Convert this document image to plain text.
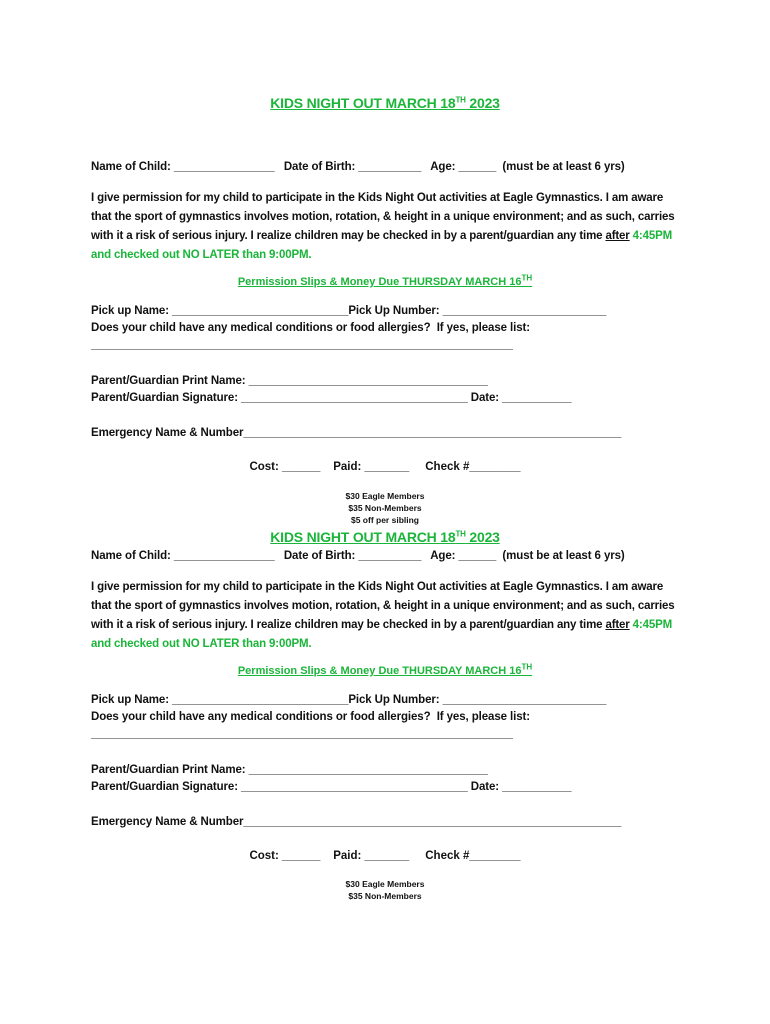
KIDS NIGHT OUT MARCH 18TH 2023
Name of Child: ________________   Date of Birth: __________   Age: ______  (must be at least 6 yrs)
I give permission for my child to participate in the Kids Night Out activities at Eagle Gymnastics. I am aware that the sport of gymnastics involves motion, rotation, & height in a unique environment; and as such, carries with it a risk of serious injury. I realize children may be checked in by a parent/guardian any time after 4:45PM and checked out NO LATER than 9:00PM.
Permission Slips & Money Due THURSDAY MARCH 16TH
Pick up Name: ____________________________Pick Up Number: __________________________
Does your child have any medical conditions or food allergies?  If yes, please list:
___________________________________________________________________
Parent/Guardian Print Name: ______________________________________
Parent/Guardian Signature: ____________________________________ Date: ___________
Emergency Name & Number____________________________________________________________
Cost: ______    Paid: _______     Check #________
$30 Eagle Members
$35 Non-Members
$5 off per sibling
KIDS NIGHT OUT MARCH 18TH 2023
Name of Child: ________________   Date of Birth: __________   Age: ______  (must be at least 6 yrs)
I give permission for my child to participate in the Kids Night Out activities at Eagle Gymnastics. I am aware that the sport of gymnastics involves motion, rotation, & height in a unique environment; and as such, carries with it a risk of serious injury. I realize children may be checked in by a parent/guardian any time after 4:45PM and checked out NO LATER than 9:00PM.
Permission Slips & Money Due THURSDAY MARCH 16TH
Pick up Name: ____________________________Pick Up Number: __________________________
Does your child have any medical conditions or food allergies?  If yes, please list:
___________________________________________________________________
Parent/Guardian Print Name: ______________________________________
Parent/Guardian Signature: ____________________________________ Date: ___________
Emergency Name & Number____________________________________________________________
Cost: ______    Paid: _______     Check #________
$30 Eagle Members
$35 Non-Members
